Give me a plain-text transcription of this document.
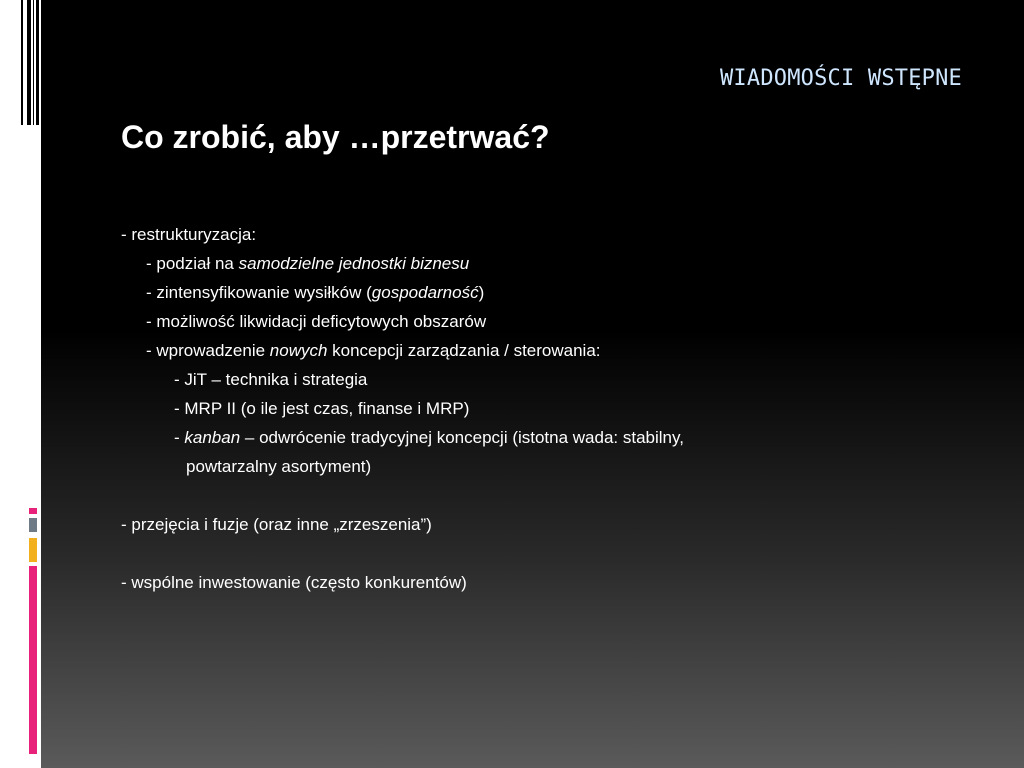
WIADOMOŚCI WSTĘPNE
Co zrobić, aby …przetrwać?
- restrukturyzacja:
- podział na samodzielne jednostki biznesu
- zintensyfikowanie wysiłków (gospodarność)
- możliwość likwidacji deficytowych obszarów
- wprowadzenie nowych koncepcji zarządzania / sterowania:
- JiT – technika i strategia
- MRP II (o ile jest czas, finanse i MRP)
- kanban – odwrócenie tradycyjnej koncepcji (istotna wada: stabilny,
powtarzalny asortyment)
- przejęcia i fuzje (oraz inne „zrzeszenia”)
- wspólne inwestowanie (często konkurentów)
